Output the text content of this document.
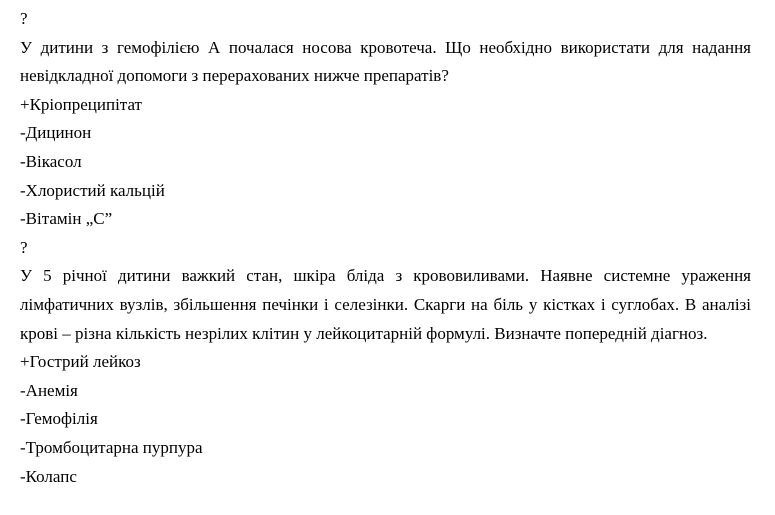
?
У дитини з гемофілією А почалася носова кровотеча. Що необхідно використати для надання невідкладної допомоги з перерахованих нижче препаратів?
+Кріопреципітат
-Дицинон
-Вікасол
-Хлористий кальцій
-Вітамін „С”
?
У 5 річної дитини важкий стан, шкіра бліда з крововиливами. Наявне системне ураження лімфатичних вузлів, збільшення печінки і селезінки. Скарги на біль у кістках і суглобах. В аналізі крові – різна кількість незрілих клітин у лейкоцитарній формулі. Визначте попередній діагноз.
+Гострий лейкоз
-Анемія
-Гемофілія
-Тромбоцитарна пурпура
-Колапс
